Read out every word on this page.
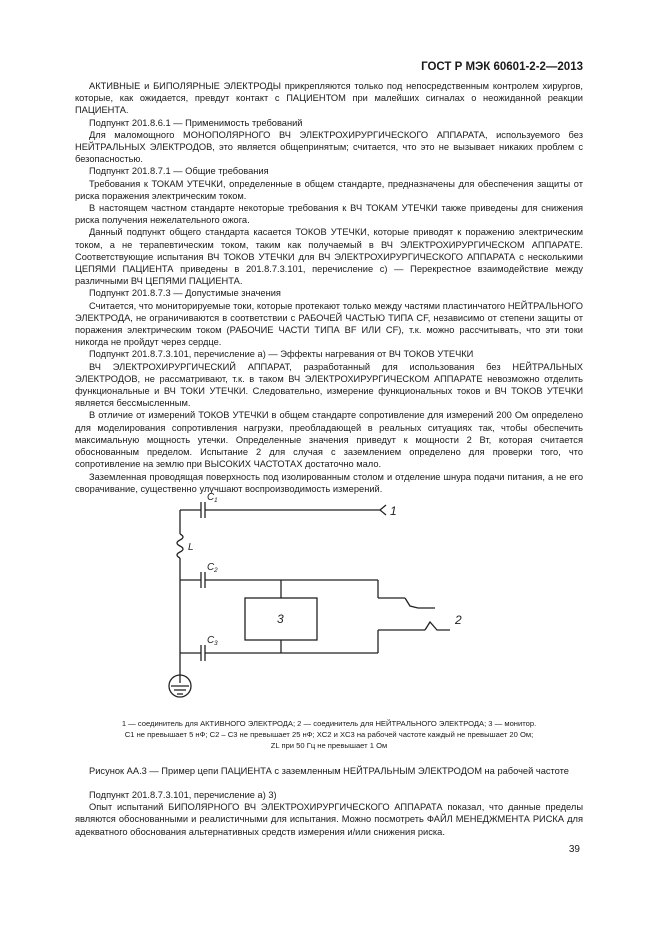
ГОСТ Р МЭК 60601-2-2—2013

АКТИВНЫЕ и БИПОЛЯРНЫЕ ЭЛЕКТРОДЫ прикрепляются только под непосредственным контролем хирургов, которые, как ожидается, превдут контакт с ПАЦИЕНТОМ при малейших сигналах о неожиданной реакции ПАЦИЕНТА.

Подпункт 201.8.6.1 — Применимость требований

Для маломощного МОНОПОЛЯРНОГО ВЧ ЭЛЕКТРОХИРУРГИЧЕСКОГО АППАРАТА, используемого без НЕЙТРАЛЬНЫХ ЭЛЕКТРОДОВ, это является общепринятым; считается, что это не вызывает никаких проблем с безопасностью.

Подпункт 201.8.7.1 — Общие требования

Требования к ТОКАМ УТЕЧКИ, определенные в общем стандарте, предназначены для обеспечения защиты от риска поражения электрическим током.

В настоящем частном стандарте некоторые требования к ВЧ ТОКАМ УТЕЧКИ также приведены для снижения риска получения нежелательного ожога.

Данный подпункт общего стандарта касается ТОКОВ УТЕЧКИ, которые приводят к поражению электрическим током, а не терапевтическим током, таким как получаемый в ВЧ ЭЛЕКТРОХИРУРГИЧЕСКОМ АППАРАТЕ. Соответствующие испытания ВЧ ТОКОВ УТЕЧКИ для ВЧ ЭЛЕКТРОХИРУРГИЧЕСКОГО АППАРАТА с несколькими ЦЕПЯМИ ПАЦИЕНТА приведены в 201.8.7.3.101, перечисление с) — Перекрестное взаимодействие между различными ВЧ ЦЕПЯМИ ПАЦИЕНТА.

Подпункт 201.8.7.3 — Допустимые значения

Считается, что мониторируемые токи, которые протекают только между частями пластинчатого НЕЙТРАЛЬНОГО ЭЛЕКТРОДА, не ограничиваются в соответствии с РАБОЧЕЙ ЧАСТЬЮ ТИПА CF, независимо от степени защиты от поражения электрическим током (РАБОЧИЕ ЧАСТИ ТИПА BF ИЛИ CF), т.к. можно рассчитывать, что эти токи никогда не пройдут через сердце.

Подпункт 201.8.7.3.101, перечисление а) — Эффекты нагревания от ВЧ ТОКОВ УТЕЧКИ

ВЧ ЭЛЕКТРОХИРУРГИЧЕСКИЙ АППАРАТ, разработанный для использования без НЕЙТРАЛЬНЫХ ЭЛЕКТРОДОВ, не рассматривают, т.к. в таком ВЧ ЭЛЕКТРОХИРУРГИЧЕСКОМ АППАРАТЕ невозможно отделить функциональные и ВЧ ТОКИ УТЕЧКИ. Следовательно, измерение функциональных токов и ВЧ ТОКОВ УТЕЧКИ является бессмысленным.

В отличие от измерений ТОКОВ УТЕЧКИ в общем стандарте сопротивление для измерений 200 Ом определено для моделирования сопротивления нагрузки, преобладающей в реальных ситуациях так, чтобы обеспечить максимальную мощность утечки. Определенные значения приведут к мощности 2 Вт, которая считается обоснованным пределом. Испытание 2 для случая с заземлением определено для проверки того, что сопротивление на землю при ВЫСОКИХ ЧАСТОТАХ достаточно мало.

Заземленная проводящая поверхность под изолированным столом и отделение шнура подачи питания, а не его сворачивание, существенно улучшают воспроизводимость измерений.

C 1
C 2
C 3
L
1
2
3
1 — соединитель для АКТИВНОГО ЭЛЕКТРОДА; 2 — соединитель для НЕЙТРАЛЬНОГО ЭЛЕКТРОДА; 3 — монитор.
C1 не превышает 5 нФ; C2 – C3 не превышает 25 нФ; XC2 и XC3 на рабочей частоте каждый не превышает 20 Ом;
ZL при 50 Гц не превышает 1 Ом
Рисунок АА.3 — Пример цепи ПАЦИЕНТА с заземленным НЕЙТРАЛЬНЫМ ЭЛЕКТРОДОМ на рабочей частоте

Подпункт 201.8.7.3.101, перечисление а) 3)

Опыт испытаний БИПОЛЯРНОГО ВЧ ЭЛЕКТРОХИРУРГИЧЕСКОГО АППАРАТА показал, что данные пределы являются обоснованными и реалистичными для испытания. Можно посмотреть ФАЙЛ МЕНЕДЖМЕНТА РИСКА для адекватного обоснования альтернативных средств измерения и/или снижения риска.

39
